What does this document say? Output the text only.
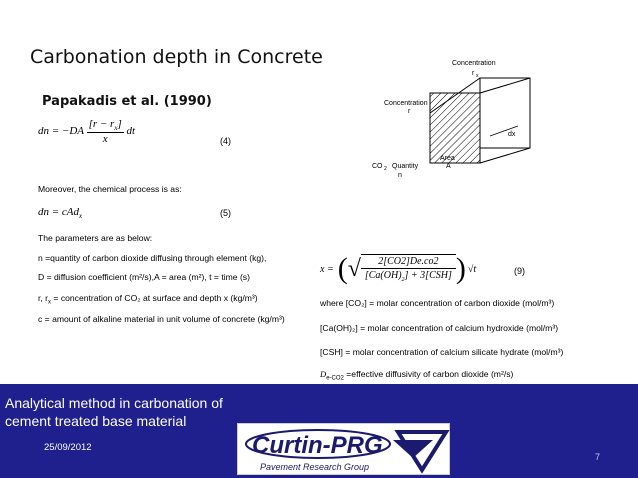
Carbonation depth in Concrete
Papakadis et al. (1990)
dn = $-DA \frac{[r - r_x]}{x}$ dt
(4)
Moreover, the chemical process is as:
dn = cAd$_x$	(5)
The parameters are as below:
n =quantity of carbon dioxide diffusing through element (kg),
D = diffusion coefficient (m²/s),A = area (m²), t = time (s)
r, $r_x$ = concentration of CO₂ at surface and depth x (kg/m³)
c = amount of alkaline material in unit volume of concrete (kg/m³)
x = ( √ $\frac{2[CO2]De.co2}{[Ca(OH)_2] + 3[CSH]}$ ) √t	(9)
where [CO₂] = molar concentration of carbon dioxide (mol/m³)
[Ca(OH)₂] = molar concentration of calcium hydroxide (mol/m³)
[CSH] = molar concentration of calcium silicate hydrate (mol/m³)
$D_{e-CO2}$ =effective diffusivity of carbon dioxide (m²/s)
Concentration
r x
Concentration
r
dx
Area
A
CO 2 Quantity
n
Analytical method in carbonation of
cement treated base material
25/09/2012
7
Curtin-PRG
Pavement Research Group
